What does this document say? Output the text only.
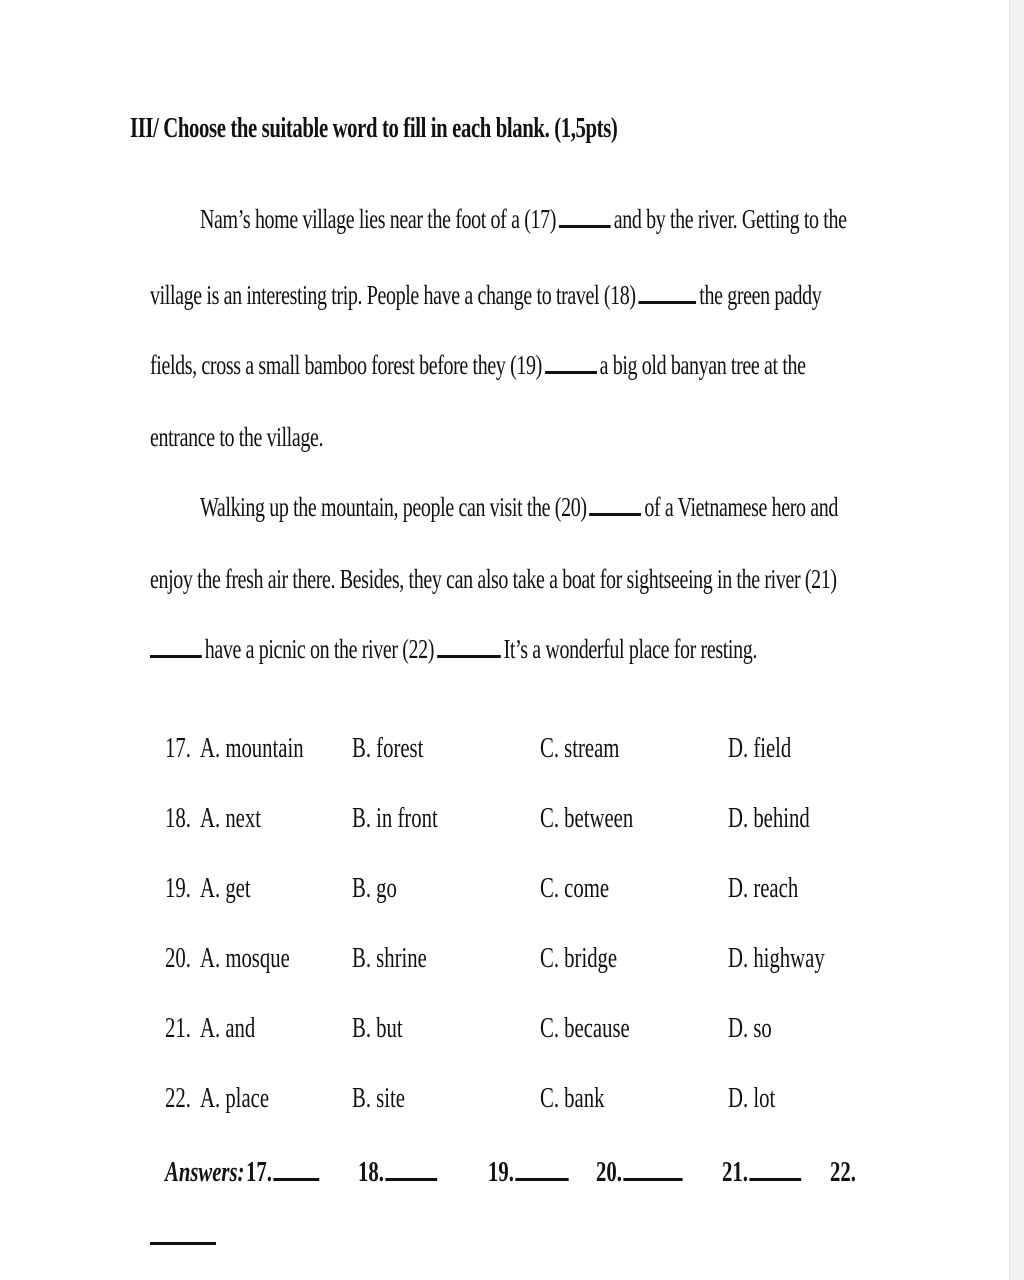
III/ Choose the suitable word to fill in each blank. (1,5pts)
Nam’s home village lies near the foot of a (17) and by the river. Getting to the
village is an interesting trip. People have a change to travel (18) the green paddy
fields, cross a small bamboo forest before they (19) a big old banyan tree at the
entrance to the village.
Walking up the mountain, people can visit the (20) of a Vietnamese hero and
enjoy the fresh air there. Besides, they can also take a boat for sightseeing in the river (21)
have a picnic on the river (22)	It’s a wonderful place for resting.
17. A. mountain B. forest	C. stream	D. field
18. A. next	B. in front	C. between	D. behind
19. A. get	B. go	C. come	D. reach
20. A. mosque B. shrine	C. bridge	D. highway
21. A. and	B. but	C. because	D. so
22. A. place	B. site	C. bank	D. lot
Answers: 17.	18.	19.	20.	21.	22.
